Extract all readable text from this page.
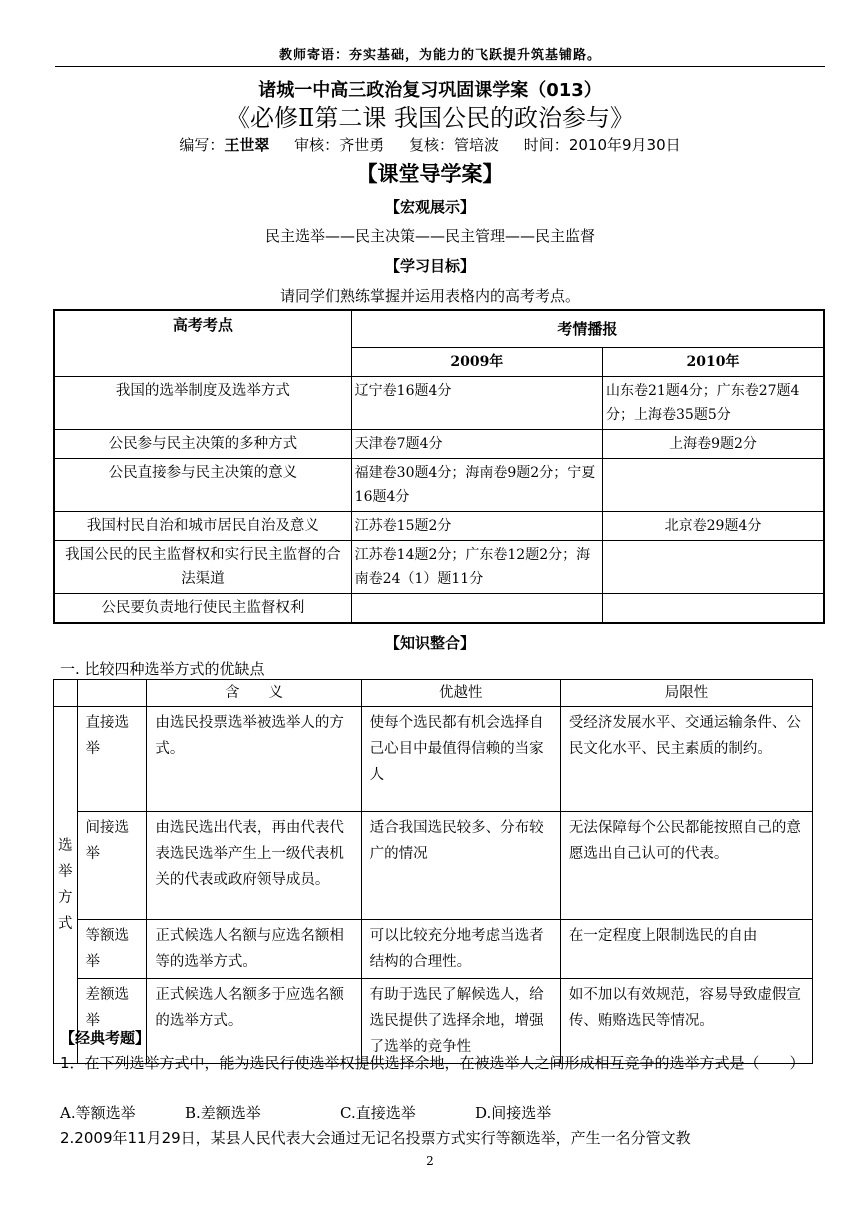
教师寄语：夯实基础，为能力的飞跃提升筑基铺路。
诸城一中高三政治复习巩固课学案（013）
《必修Ⅱ第二课 我国公民的政治参与》
编写：王世翠 审核：齐世勇 复核：管培波 时间：2010年9月30日
【课堂导学案】
【宏观展示】
民主选举——民主决策——民主管理——民主监督
【学习目标】
请同学们熟练掌握并运用表格内的高考考点。
高考考点	考情播报	
	2009年	2010年
我国的选举制度及选举方式	辽宁卷16题4分	山东卷21题4分；广东卷27题4分；上海卷35题5分
公民参与民主决策的多种方式	天津卷7题4分	上海卷9题2分
公民直接参与民主决策的意义	福建卷30题4分；海南卷9题2分；宁夏16题4分	
我国村民自治和城市居民自治及意义	江苏卷15题2分	北京卷29题4分
我国公民的民主监督权和实行民主监督的合法渠道	江苏卷14题2分；广东卷12题2分；海南卷24（1）题11分	
公民要负责地行使民主监督权利		
【知识整合】
一. 比较四种选举方式的优缺点
		含　　义	优越性	局限性
选举方式	直接选举	由选民投票选举被选举人的方式。	使每个选民都有机会选择自己心目中最值得信赖的当家人	受经济发展水平、交通运输条件、公民文化水平、民主素质的制约。
	间接选举	由选民选出代表，再由代表代表选民选举产生上一级代表机关的代表或政府领导成员。	适合我国选民较多、分布较广的情况	无法保障每个公民都能按照自己的意愿选出自己认可的代表。
	等额选举	正式候选人名额与应选名额相等的选举方式。	可以比较充分地考虑当选者结构的合理性。	在一定程度上限制选民的自由
	差额选举	正式候选人名额多于应选名额的选举方式。	有助于选民了解候选人，给选民提供了选择余地，增强了选举的竞争性	如不加以有效规范，容易导致虚假宣传、贿赂选民等情况。
【经典考题】
1．在下列选举方式中，能为选民行使选举权提供选择余地，在被选举人之间形成相互竞争的选举方式是（　　）
A.等额选举	B.差额选举	C.直接选举	D.间接选举
2.2009年11月29日，某县人民代表大会通过无记名投票方式实行等额选举，产生一名分管文教
2
